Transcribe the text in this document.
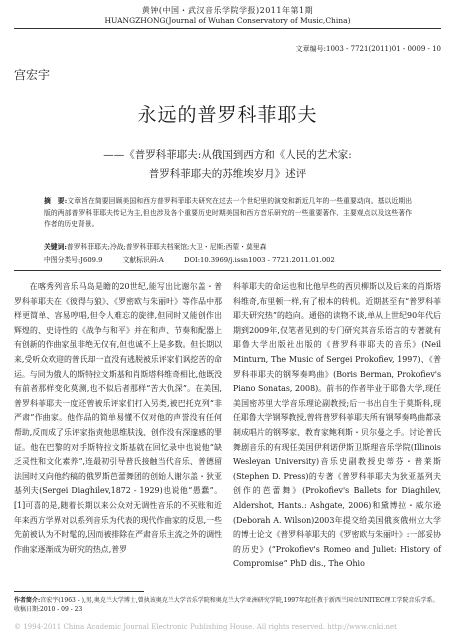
黄钟(中国・武汉音乐学院学报)2011年第1期
HUANGZHONG(Journal of Wuhan Conservatory of Music,China)
文章编号:1003 - 7721(2011)01 - 0009 - 10
宫宏宇
永远的普罗科菲耶夫
——《普罗科菲耶夫:从俄国到西方和《人民的艺术家:
普罗科菲耶夫的苏维埃岁月》述评
摘　要:文章旨在简要回顾美国和西方普罗科菲耶夫研究在过去一个世纪里的演变和新近几年的一些重要动向。基以近期出版的两部普罗科菲耶夫传记为主,但也涉及各个重要历史时期美国和西方音乐研究的一些重要著作、主要观点以及这些著作作者的历史背景。
关键词:普罗科菲耶夫;冷战;普罗科菲耶夫档案馆;大卫・尼斯;西蒙・莫里森
中图分类号:J609.9	文献标识码:A	DOI:10.3969/j.issn1003 - 7721.2011.01.002

在喀秀列音乐马岛是瞻的20世纪,能写出比谢尔盖・普罗科菲耶夫在《彼得与狼》、《罗密欧与朱丽叶》等作品中那样更简单、容易哼唱,但令人难忘的旋律,但同时又能创作出辉煌的、史诗性的《战争与和平》并在和声、节奏和配器上有创新的作曲家虽非绝无仅有,但也诚不上是多数。但长期以来,受听众欢迎的普氏却一直没有逃脱被乐评家们讽挖苦的命运。与同为俄人的斯特拉文斯基和肖斯塔科维奇相比,他既没有前者那样变化莫测,也不似后者那样“苦大仇深”。在美国,普罗科菲耶夫一度还曾被乐评家们打入另类,被巴托克列“非严肃”作曲家。他作品的简单易懂不仅对他的声誉没有任何帮助,反而成了乐评家指责他思维肤浅、创作没有深邃感的罪证。他在巴黎的对手斯特拉文斯基就在回忆录中也说他“缺乏灵性和文化素养”,连最初引导普氏接触当代音乐、普德留法国时又向他约稿的俄罗斯芭蕾舞团的创始人谢尔盖・狄亚基列夫(Sergei Diaghilev,1872 - 1929)也说他“愚蠢”。[1]可喜的是,随着长期以来公众对无调性音乐的不买账和近年来西方学界对以系列音乐为代表的现代作曲家的反思,一些先前被认为不时髦的,因而被排除在严肃音乐主流之外的调性作曲家逐渐成为研究的热点,普罗

科菲耶夫的命运也和比他早些的西贝柳斯以及后来的肖斯塔科维奇,布里顿一样,有了根本的转机。近期甚至有“普罗科菲耶夫研究热”的趋向。通俗的读物不谈,单从上世纪90年代后期到2009年,仅笔者见到的专门研究其音乐语言的专著就有耶鲁大学出版社出版的《普罗科菲耶夫的音乐》(Neil Minturn, The Music of Sergei Prokofiev, 1997)、《普罗科菲耶夫的钢琴奏鸣曲》(Boris Berman, Prokofiev's Piano Sonatas, 2008)。前书的作者毕业于耶鲁大学,现任美国密苏里大学音乐理论副教授;后一书出自生于莫斯科,现任耶鲁大学钢琴教授,曾将普罗科菲耶夫所有钢琴奏鸣曲都录制成唱片的钢琴家、教育家鲍利斯・贝尔曼之手。讨论普氏舞剧音乐的有现任美国伊利诺伊斯卫斯理音乐学院(Illinois Wesleyan University)音乐史副教授史蒂芬・普莱斯(Stephen D. Press)的专著《普罗科菲耶夫为狄亚基列夫创作的芭蕾舞》(Prokofiev's Ballets for Diaghilev, Aldershot, Hants.: Ashgate, 2006)和黛博拉・威尔逊(Deborah A. Wilson)2003年提交给美国俄亥俄州立大学的博士论文《普罗科菲耶夫的《罗密欧与朱丽叶》:一部妥协的历史》(“Prokofiev's Romeo and Juliet: History of Compromise” PhD dis., The Ohio

作者简介:宫宏宇(1963 - ),男,奥克兰大学博士,曾执该奥克兰大学音乐学院和奥克兰大学亚洲研究学院,1997年起任教于新西兰国立UNITEC理工学院音乐学系。
收稿日期:2010 - 09 - 23
© 1994-2011 China Academic Journal Electronic Publishing House. All rights reserved. http://www.cnki.net
